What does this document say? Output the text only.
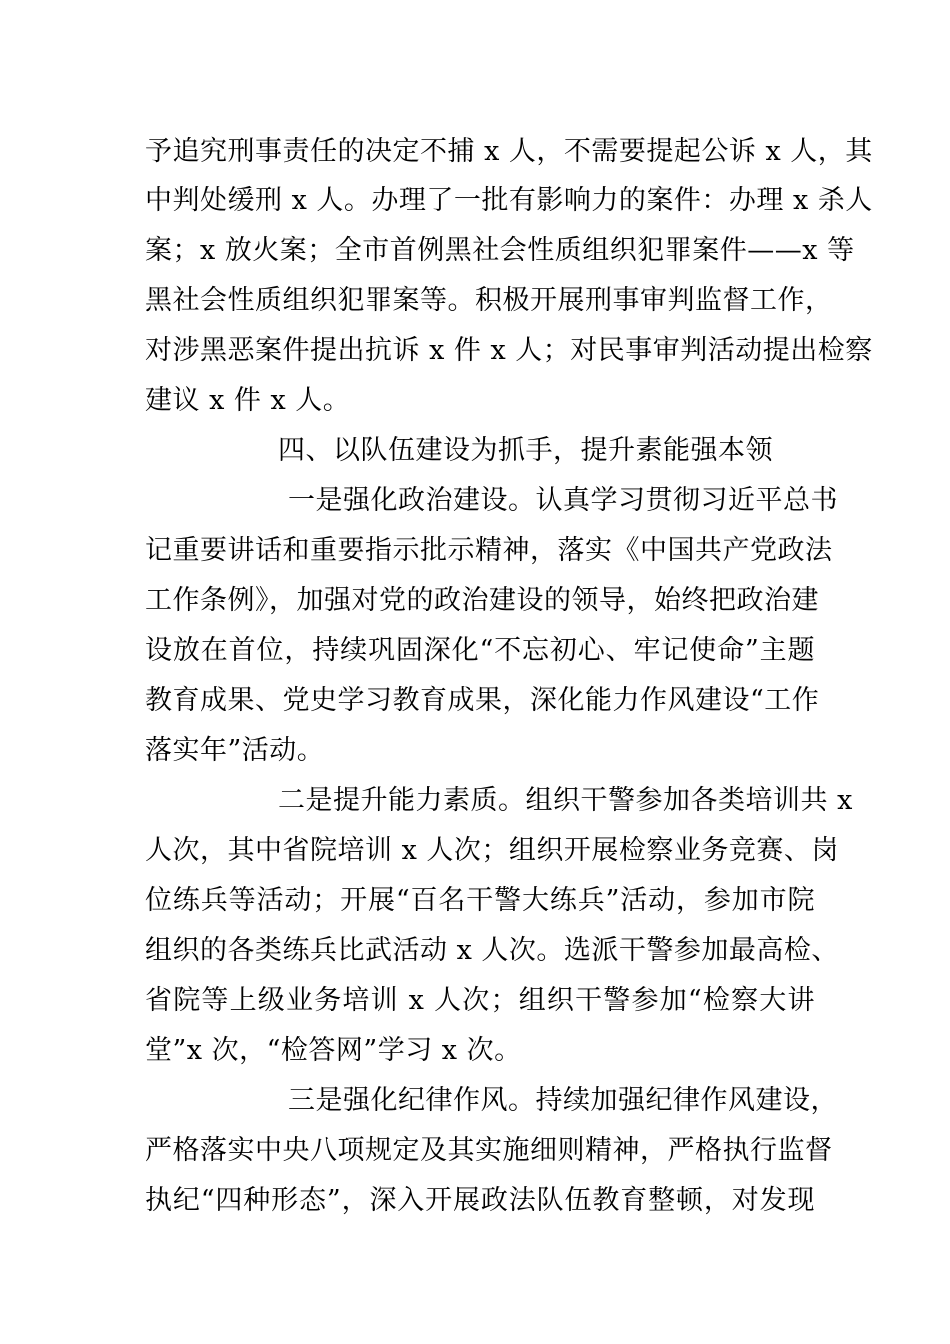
予追究刑事责任的决定不捕 x 人，不需要提起公诉 x 人，其
中判处缓刑 x 人。办理了一批有影响力的案件：办理 x 杀人
案；x 放火案；全市首例黑社会性质组织犯罪案件——x 等
黑社会性质组织犯罪案等。积极开展刑事审判监督工作，
对涉黑恶案件提出抗诉 x 件 x 人；对民事审判活动提出检察
建议 x 件 x 人。
四、以队伍建设为抓手，提升素能强本领
一是强化政治建设。认真学习贯彻习近平总书
记重要讲话和重要指示批示精神，落实《中国共产党政法
工作条例》，加强对党的政治建设的领导，始终把政治建
设放在首位，持续巩固深化“不忘初心、牢记使命”主题
教育成果、党史学习教育成果，深化能力作风建设“工作
落实年”活动。
二是提升能力素质。组织干警参加各类培训共 x
人次，其中省院培训 x 人次；组织开展检察业务竞赛、岗
位练兵等活动；开展“百名干警大练兵”活动，参加市院
组织的各类练兵比武活动 x 人次。选派干警参加最高检、
省院等上级业务培训 x 人次；组织干警参加“检察大讲
堂”x 次，“检答网”学习 x 次。
三是强化纪律作风。持续加强纪律作风建设，
严格落实中央八项规定及其实施细则精神，严格执行监督
执纪“四种形态”，深入开展政法队伍教育整顿，对发现
